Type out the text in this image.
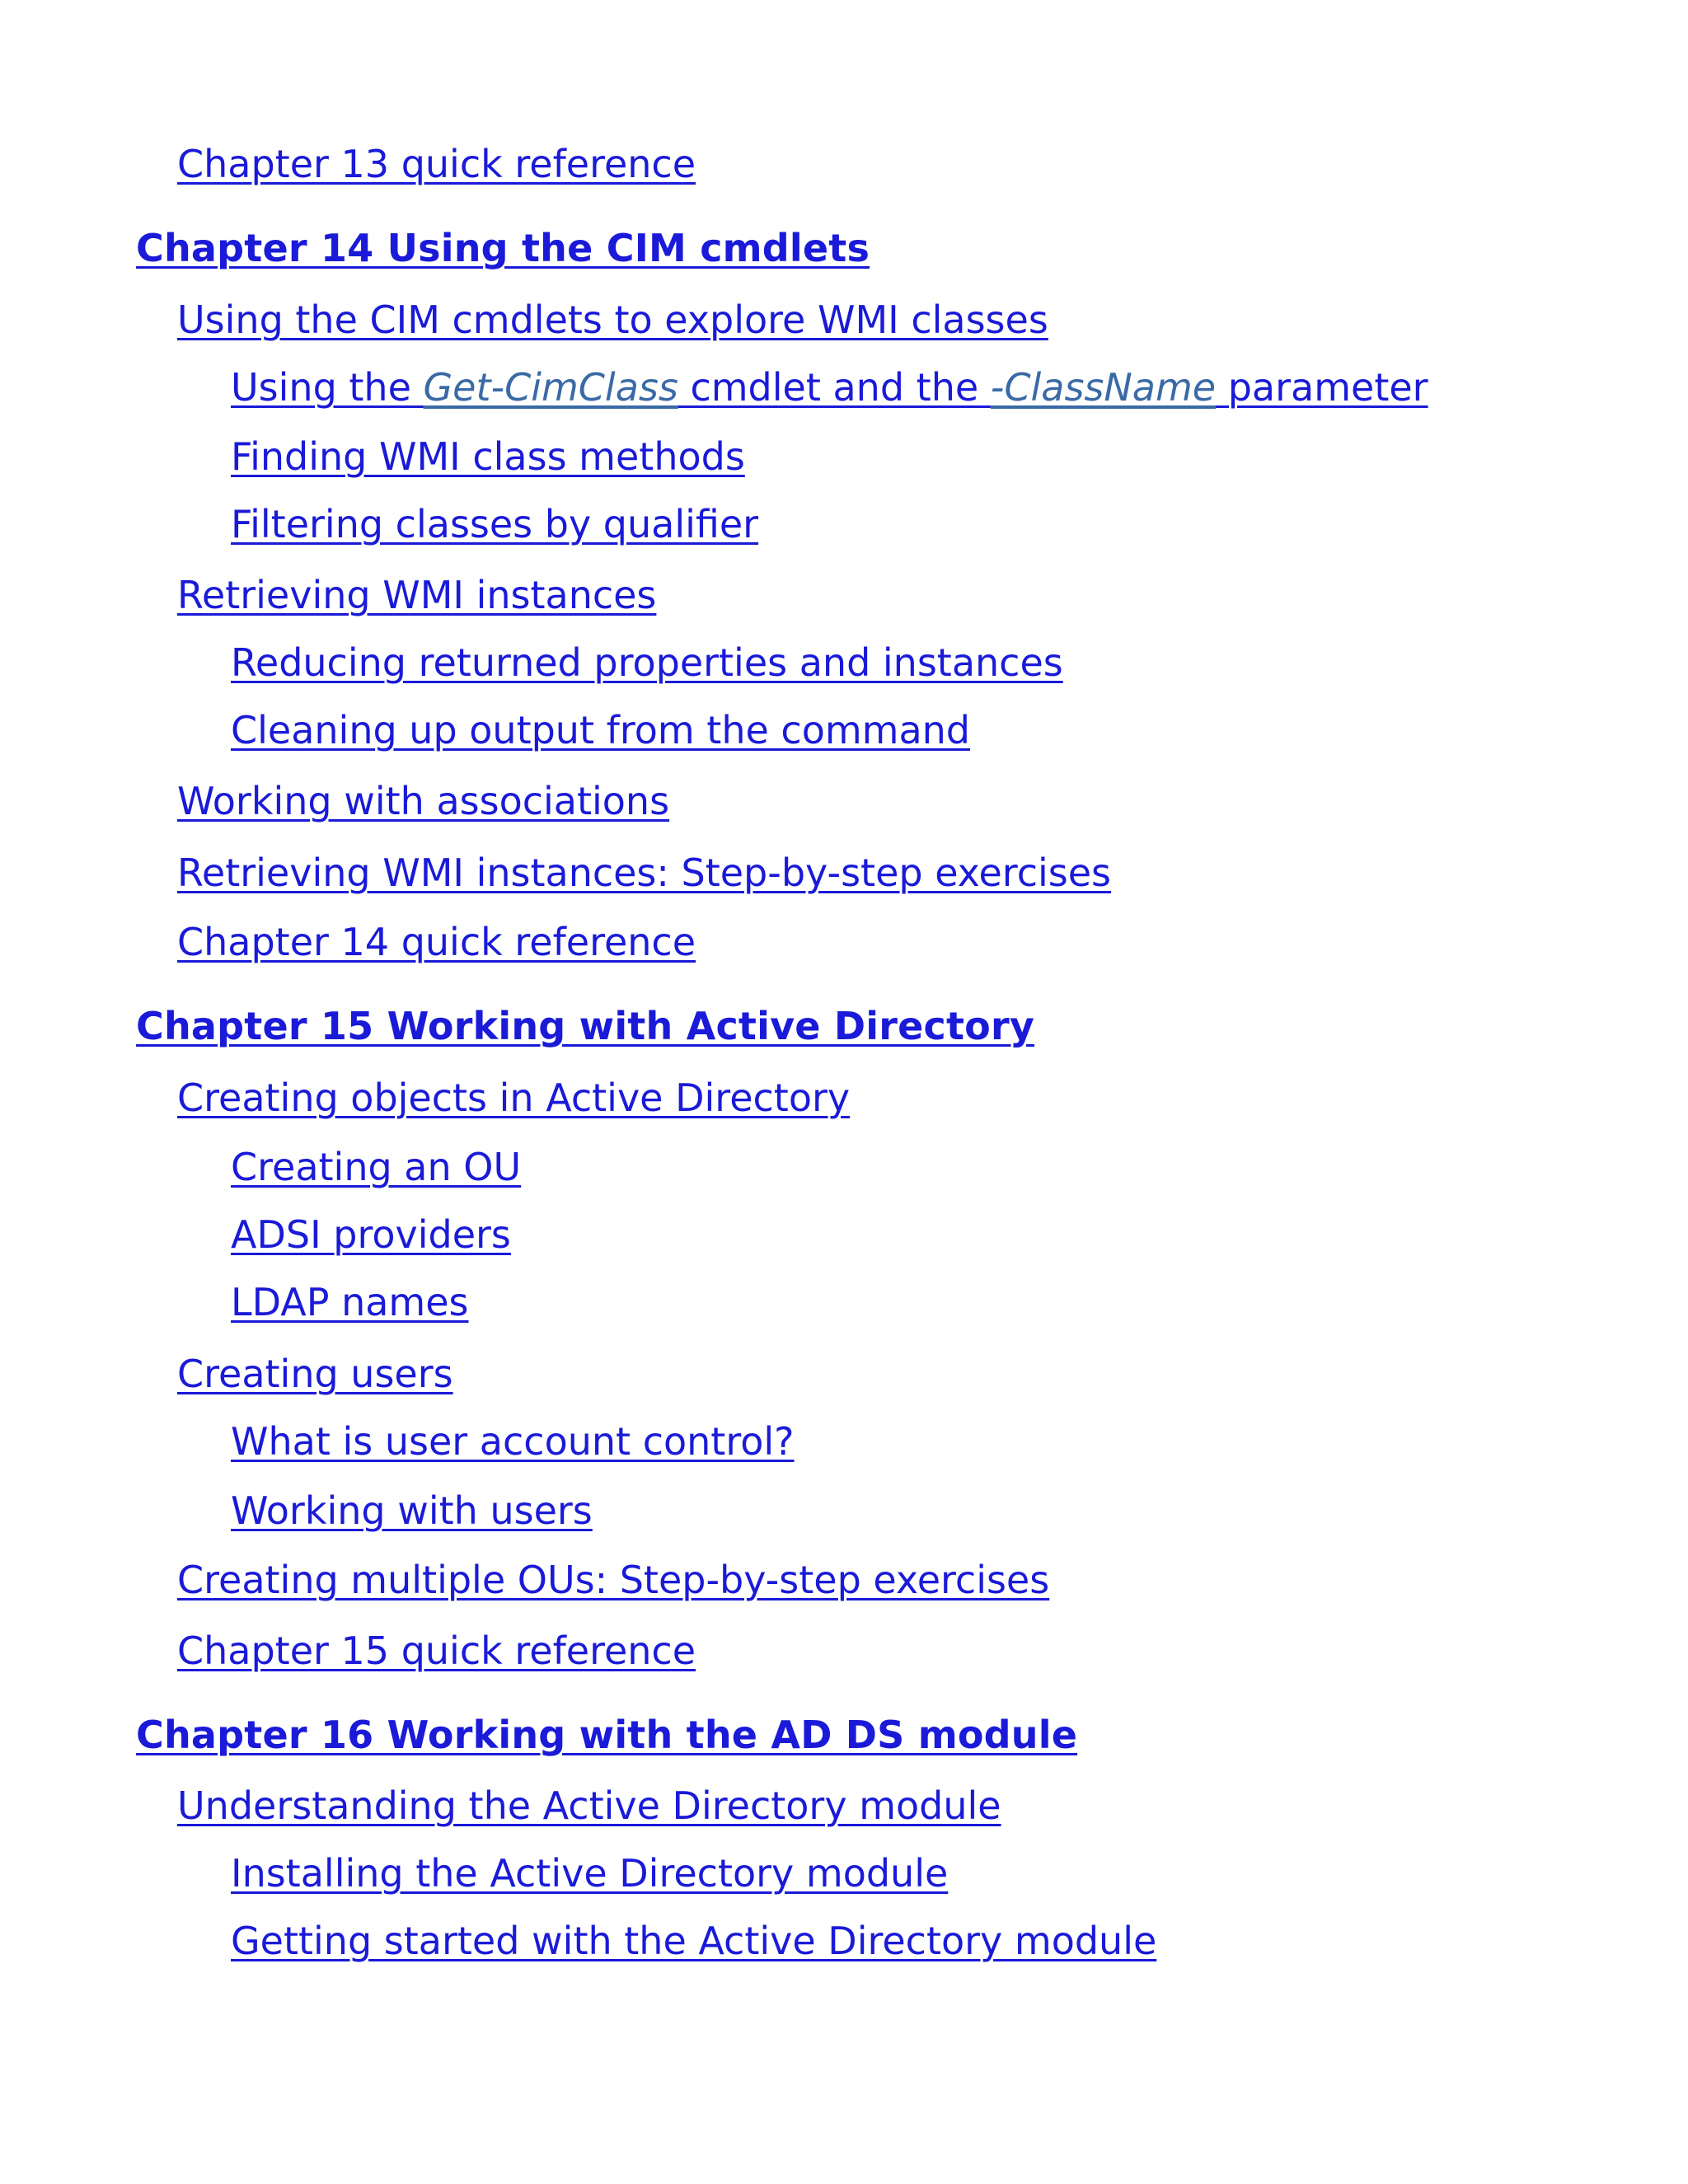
Chapter 13 quick reference
Chapter 14 Using the CIM cmdlets
Using the CIM cmdlets to explore WMI classes
Using the Get-CimClass cmdlet and the -ClassName parameter
Finding WMI class methods
Filtering classes by qualifier
Retrieving WMI instances
Reducing returned properties and instances
Cleaning up output from the command
Working with associations
Retrieving WMI instances: Step-by-step exercises
Chapter 14 quick reference
Chapter 15 Working with Active Directory
Creating objects in Active Directory
Creating an OU
ADSI providers
LDAP names
Creating users
What is user account control?
Working with users
Creating multiple OUs: Step-by-step exercises
Chapter 15 quick reference
Chapter 16 Working with the AD DS module
Understanding the Active Directory module
Installing the Active Directory module
Getting started with the Active Directory module
